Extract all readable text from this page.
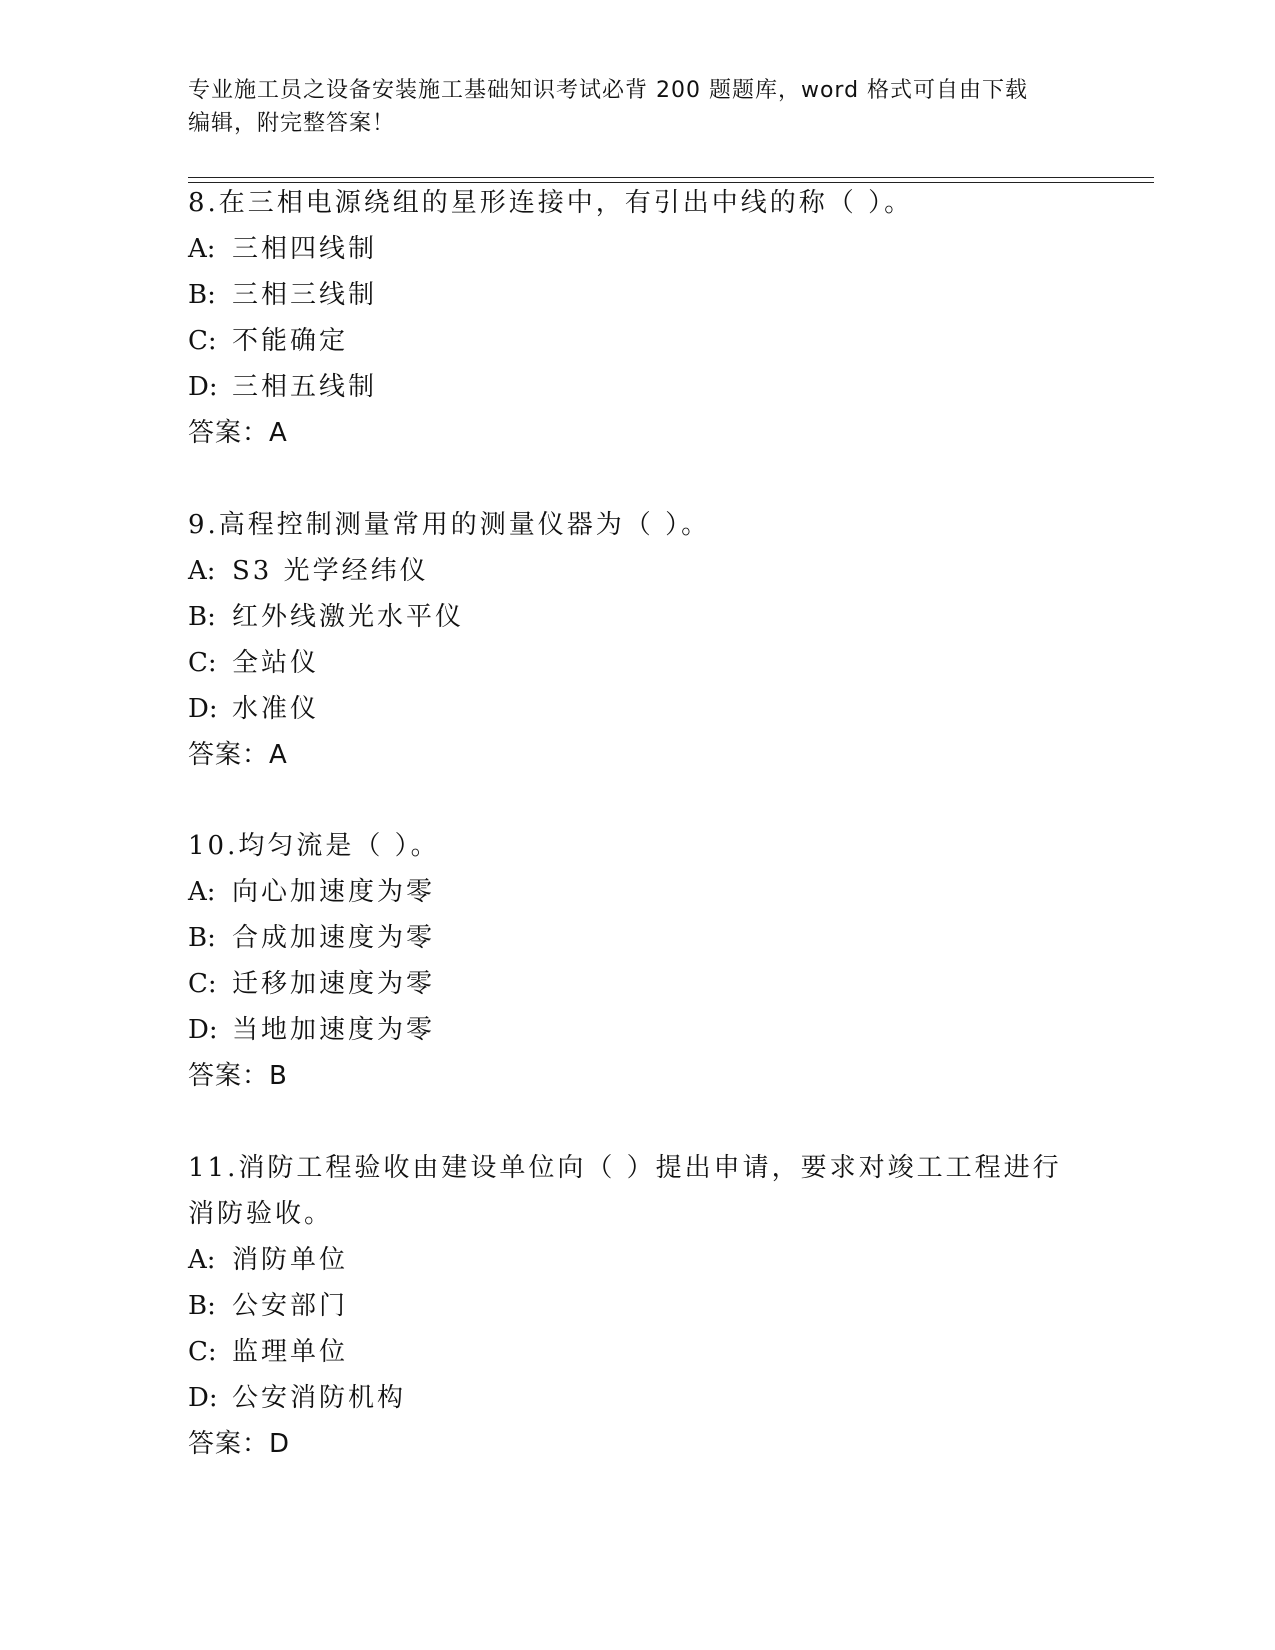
专业施工员之设备安装施工基础知识考试必背 200 题题库，word 格式可自由下载
编辑，附完整答案！
8.在三相电源绕组的星形连接中，有引出中线的称（ ）。
A: 三相四线制
B: 三相三线制
C: 不能确定
D: 三相五线制
答案：A
9.高程控制测量常用的测量仪器为（ ）。
A: S3 光学经纬仪
B: 红外线激光水平仪
C: 全站仪
D: 水准仪
答案：A
10.均匀流是（ ）。
A: 向心加速度为零
B: 合成加速度为零
C: 迁移加速度为零
D: 当地加速度为零
答案：B
11.消防工程验收由建设单位向（ ）提出申请，要求对竣工工程进行
消防验收。
A: 消防单位
B: 公安部门
C: 监理单位
D: 公安消防机构
答案：D
